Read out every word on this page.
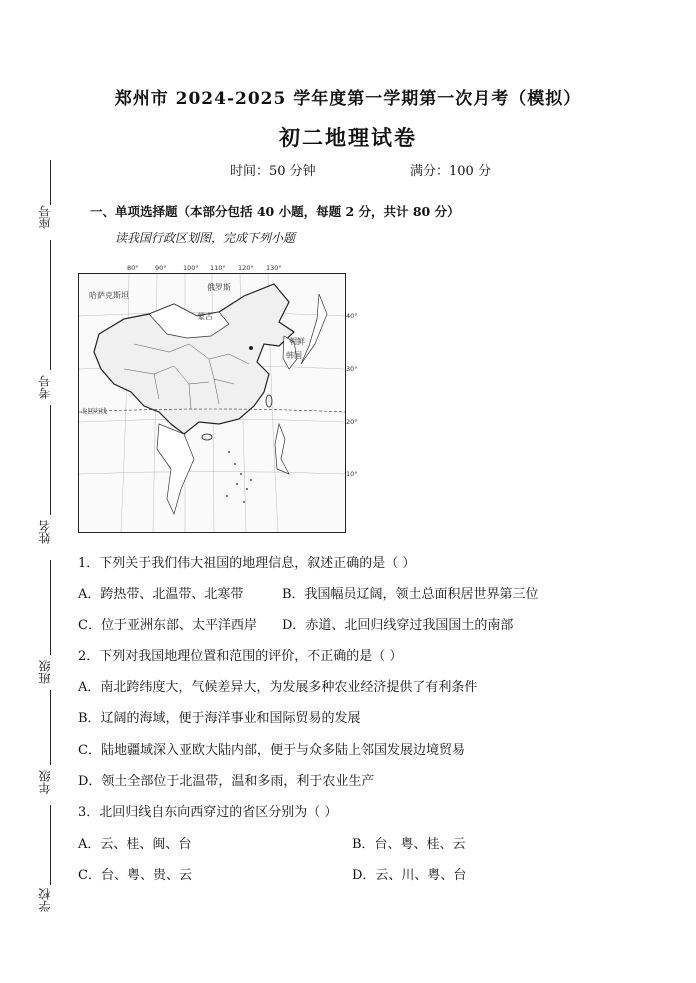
郑州市 2024-2025 学年度第一学期第一次月考（模拟）
初二地理试卷
时间：50 分钟	满分：100 分
座号
考号
姓名
班级
年级
学校
一、单项选择题（本部分包括 40 小题，每题 2 分，共计 80 分）
读我国行政区划图，完成下列小题
80°	90°	100° 110° 120° 130°
40°
30°
20°
10°
哈萨克斯坦
俄罗斯
蒙古
朝鲜
韩国
北回归线
1．下列关于我们伟大祖国的地理信息，叙述正确的是（ ）
A．跨热带、北温带、北寒带	B．我国幅员辽阔，领土总面积居世界第三位
C．位于亚洲东部、太平洋西岸 D．赤道、北回归线穿过我国国土的南部
2．下列对我国地理位置和范围的评价，不正确的是（ ）
A．南北跨纬度大，气候差异大，为发展多种农业经济提供了有利条件
B．辽阔的海域，便于海洋事业和国际贸易的发展
C．陆地疆域深入亚欧大陆内部，便于与众多陆上邻国发展边境贸易
D．领土全部位于北温带，温和多雨，利于农业生产
3．北回归线自东向西穿过的省区分别为（ ）
A．云、桂、闽、台	B．台、粤、桂、云
C．台、粤、贵、云	D．云、川、粤、台
